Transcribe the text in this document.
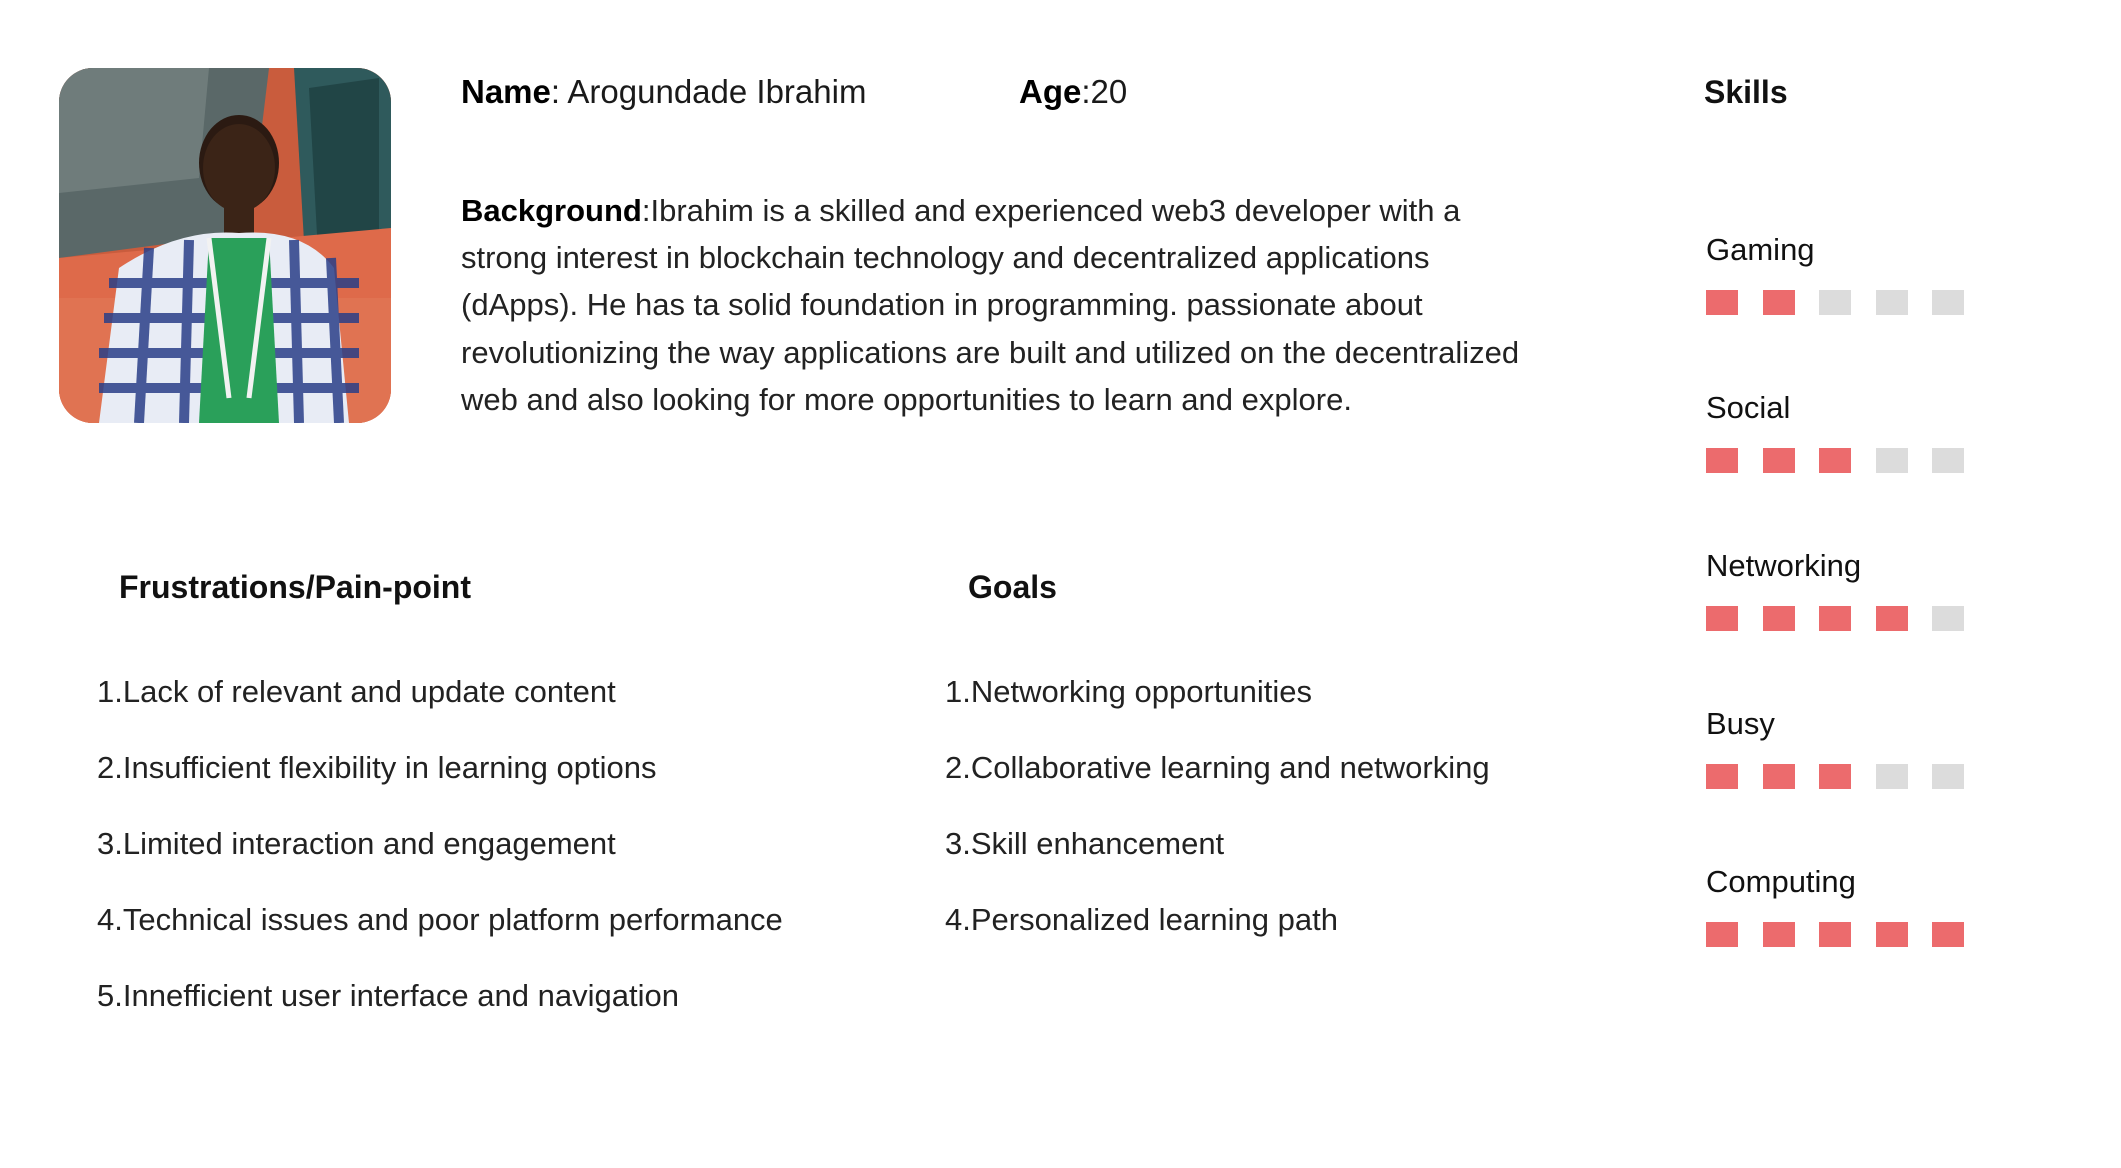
Name: Arogundade Ibrahim	Age:20
Background:Ibrahim is a skilled and experienced web3 developer with a strong interest in blockchain technology and decentralized applications (dApps). He has ta solid foundation in programming. passionate about revolutionizing the way applications are built and utilized on the decentralized web and also looking for more opportunities to learn and explore.
Frustrations/Pain-point
1.Lack of relevant and update content
2.Insufficient flexibility in learning options
3.Limited interaction and engagement
4.Technical issues and poor platform performance
5.Innefficient user interface and navigation
Goals
1.Networking opportunities
2.Collaborative learning and networking
3.Skill enhancement
4.Personalized learning path
Skills
Gaming
Social
Networking
Busy
Computing
